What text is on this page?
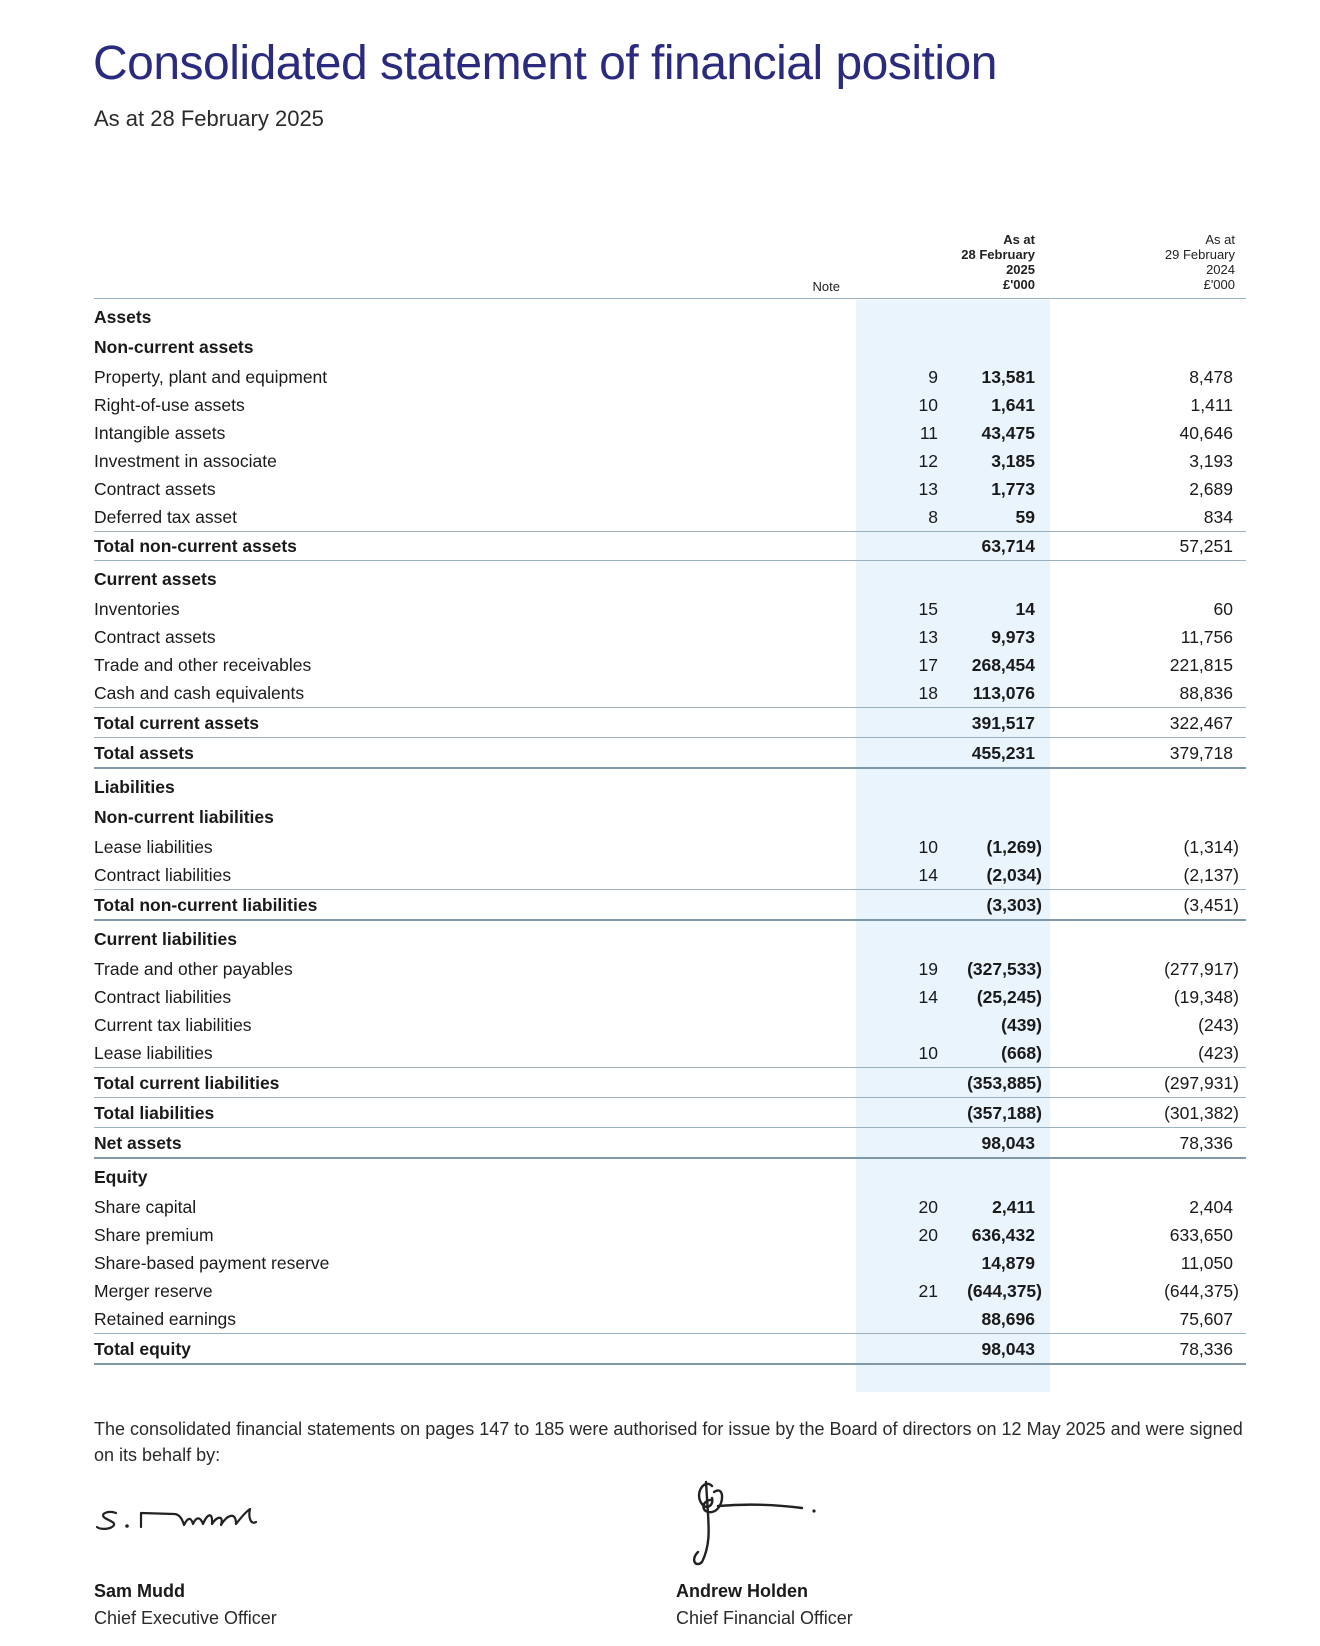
Consolidated statement of financial position
As at 28 February 2025
Note
As at
28 February
2025
£'000
As at
29 February
2024
£'000
Assets
Non-current assets
Property, plant and equipment	9 13,581	8,478
Right-of-use assets	10	1,641	1,411
Intangible assets	11 43,475	40,646
Investment in associate	12	3,185	3,193
Contract assets	13	1,773	2,689
Deferred tax asset	8	59	834
Total non-current assets	63,714	57,251
Current assets
Inventories	15	14	60
Contract assets	13	9,973	11,756
Trade and other receivables	17 268,454	221,815
Cash and cash equivalents	18 113,076	88,836
Total current assets	391,517	322,467
Total assets	455,231	379,718
Liabilities
Non-current liabilities
Lease liabilities	10	(1,269)	(1,314)
Contract liabilities	14	(2,034)	(2,137)
Total non-current liabilities	(3,303)	(3,451)
Current liabilities
Trade and other payables	19 (327,533)	(277,917)
Contract liabilities	14 (25,245)	(19,348)
Current tax liabilities	(439)	(243)
Lease liabilities	10	(668)	(423)
Total current liabilities	(353,885)	(297,931)
Total liabilities	(357,188)	(301,382)
Net assets	98,043	78,336
Equity
Share capital	20	2,411	2,404
Share premium	20 636,432	633,650
Share-based payment reserve	14,879	11,050
Merger reserve	21 (644,375)	(644,375)
Retained earnings	88,696	75,607
Total equity	98,043	78,336
The consolidated financial statements on pages 147 to 185 were authorised for issue by the Board of directors on 12 May 2025 and were signed on its behalf by:
Sam Mudd
Chief Executive Officer
Andrew Holden
Chief Financial Officer
